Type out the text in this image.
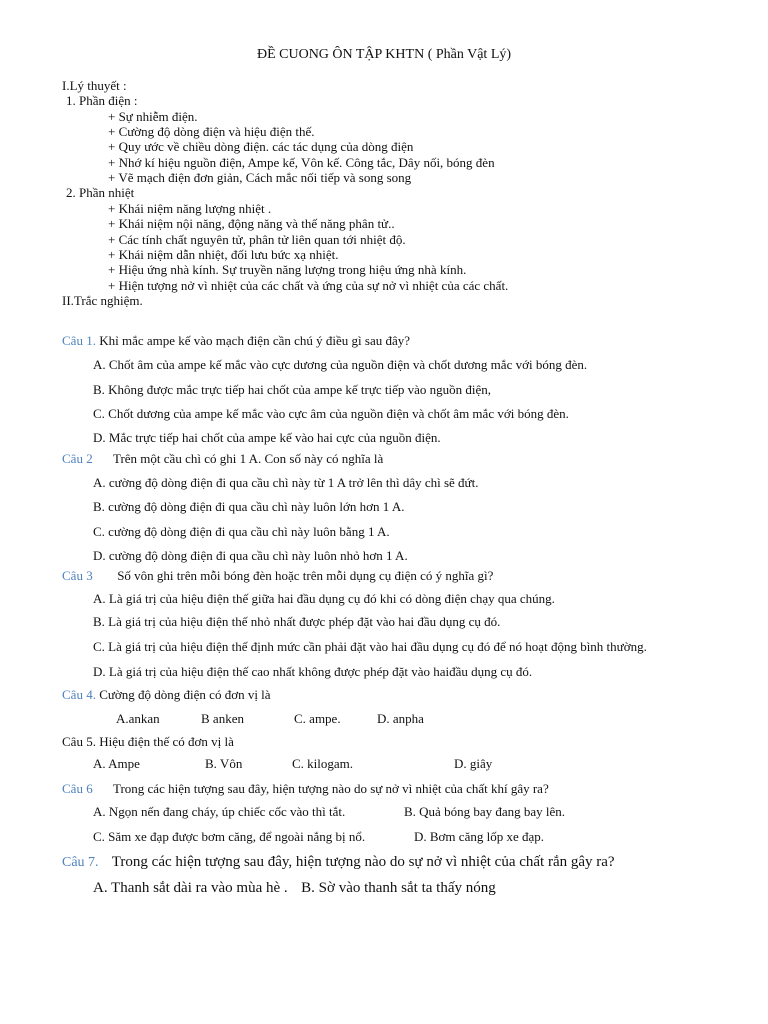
ĐỀ CUONG ÔN TẬP KHTN ( Phần Vật Lý)
I.Lý thuyết :
1. Phần điện :
+ Sự nhiễm điện.
+ Cường độ dòng điện và hiệu điện thế.
+ Quy ước về chiều dòng điện. các tác dụng của dòng điện
+ Nhớ kí hiệu nguồn điện, Ampe kế, Vôn kế. Công tắc, Dây nối, bóng đèn
+ Vẽ mạch điện đơn giản, Cách mắc nối tiếp và song song
2. Phần nhiệt
+ Khái niệm năng lượng nhiệt .
+ Khái niệm nội năng, động năng và thế năng phân tử..
+ Các tính chất nguyên tử, phân tử liên quan tới nhiệt độ.
+ Khái niệm dẫn nhiệt, đối lưu bức xạ nhiệt.
+ Hiệu ứng nhà kính. Sự truyền năng lượng trong hiệu ứng nhà kính.
+ Hiện tượng nở vì nhiệt của các chất và ứng của sự nở vì nhiệt của các chất.
II.Trắc nghiệm.
Câu 1. Khỉ mắc ampe kế vào mạch điện cần chú ý điều gì sau đây?
A. Chốt âm của ampe kế mắc vào cực dương của nguồn điện và chốt dương mắc với bóng đèn.
B. Không được mắc trực tiếp hai chốt của ampe kế trực tiếp vào nguồn điện,
C. Chốt dương của ampe kế mắc vào cực âm của nguồn điện và chốt âm mắc với bóng đèn.
D. Mắc trực tiếp hai chốt của ampe kế vào hai cực của nguồn điện.
Câu 2 Trên một cầu chì có ghi 1 A. Con số này có nghĩa là
A. cường độ dòng điện đi qua cầu chì này từ 1 A trở lên thì dây chì sẽ đứt.
B. cường độ dòng điện đi qua cầu chì này luôn lớn hơn 1 A.
C. cường độ dòng điện đi qua cầu chì này luôn bằng 1 A.
D. cường độ dòng điện đi qua cầu chì này luôn nhỏ hơn 1 A.
Câu 3 Số vôn ghi trên mỗi bóng đèn hoặc trên mỗi dụng cụ điện có ý nghĩa gì?
A. Là giá trị của hiệu điện thế giữa hai đầu dụng cụ đó khi có dòng điện chạy qua chúng.
B. Là giá trị của hiệu điện thế nhỏ nhất được phép đặt vào hai đầu dụng cụ đó.
C. Là giá trị của hiệu điện thế định mức cần phải đặt vào hai đầu dụng cụ đó để nó hoạt động bình thường.
D. Là giá trị của hiệu điện thế cao nhất không được phép đặt vào haiđầu dụng cụ đó.
Câu 4. Cường độ dòng điện có đơn vị là
A.ankan	B anken	C. ampe.	D. anpha
Câu 5. Hiệu điện thế có đơn vị là
A. Ampe	B. Vôn	C. kilogam.	D. giây
Câu 6 Trong các hiện tượng sau đây, hiện tượng nào do sự nở vì nhiệt của chất khí gây ra?
A. Ngọn nến đang cháy, úp chiếc cốc vào thì tắt.	B. Quả bóng bay đang bay lên.
C. Săm xe đạp được bơm căng, để ngoài nắng bị nổ.	D. Bơm căng lốp xe đạp.
Câu 7. Trong các hiện tượng sau đây, hiện tượng nào do sự nở vì nhiệt của chất rắn gây ra?
A. Thanh sắt dài ra vào mùa hè . B. Sờ vào thanh sắt ta thấy nóng
